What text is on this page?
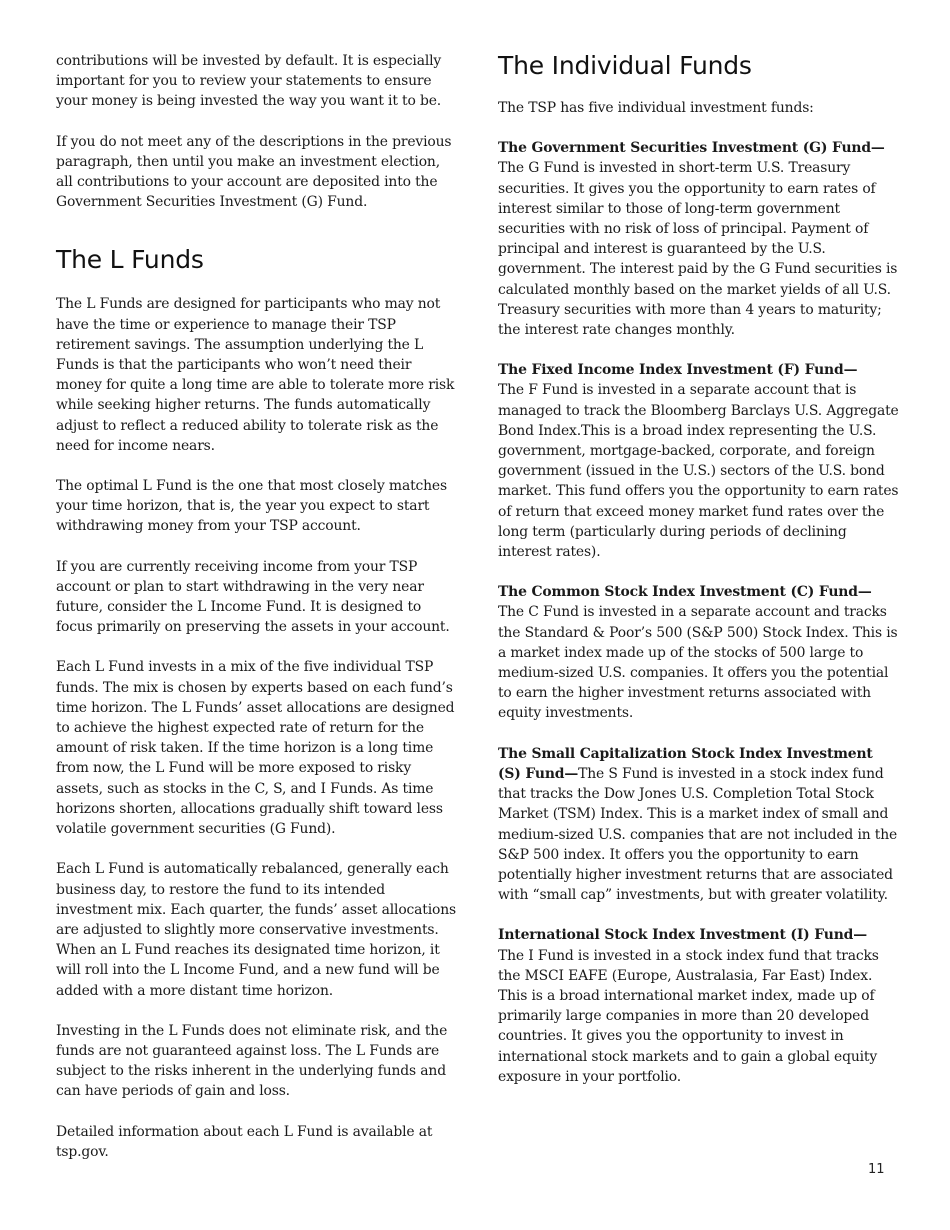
contributions will be invested by default. It is especially important for you to review your statements to ensure your money is being invested the way you want it to be.

If you do not meet any of the descriptions in the previous paragraph, then until you make an investment election, all contributions to your account are deposited into the Government Securities Investment (G) Fund.

The L Funds

The L Funds are designed for participants who may not have the time or experience to manage their TSP retirement savings. The assumption underlying the L Funds is that the participants who won’t need their money for quite a long time are able to tolerate more risk while seeking higher returns. The funds automatically adjust to reflect a reduced ability to tolerate risk as the need for income nears.

The optimal L Fund is the one that most closely matches your time horizon, that is, the year you expect to start withdrawing money from your TSP account.

If you are currently receiving income from your TSP account or plan to start withdrawing in the very near future, consider the L Income Fund. It is designed to focus primarily on preserving the assets in your account.

Each L Fund invests in a mix of the five individual TSP funds. The mix is chosen by experts based on each fund’s time horizon. The L Funds’ asset allocations are designed to achieve the highest expected rate of return for the amount of risk taken. If the time horizon is a long time from now, the L Fund will be more exposed to risky assets, such as stocks in the C, S, and I Funds. As time horizons shorten, allocations gradually shift toward less volatile government securities (G Fund).

Each L Fund is automatically rebalanced, generally each business day, to restore the fund to its intended investment mix. Each quarter, the funds’ asset allocations are adjusted to slightly more conservative investments. When an L Fund reaches its designated time horizon, it will roll into the L Income Fund, and a new fund will be added with a more distant time horizon.

Investing in the L Funds does not eliminate risk, and the funds are not guaranteed against loss. The L Funds are subject to the risks inherent in the underlying funds and can have periods of gain and loss.

Detailed information about each L Fund is available at tsp.gov.

The Individual Funds

The TSP has five individual investment funds:

The Government Securities Investment (G) Fund—
The G Fund is invested in short-term U.S. Treasury securities. It gives you the opportunity to earn rates of interest similar to those of long-term government securities with no risk of loss of principal. Payment of principal and interest is guaranteed by the U.S. government. The interest paid by the G Fund securities is calculated monthly based on the market yields of all U.S. Treasury securities with more than 4 years to maturity; the interest rate changes monthly.

The Fixed Income Index Investment (F) Fund—
The F Fund is invested in a separate account that is managed to track the Bloomberg Barclays U.S. Aggregate Bond Index.This is a broad index representing the U.S. government, mortgage-backed, corporate, and foreign government (issued in the U.S.) sectors of the U.S. bond market. This fund offers you the opportunity to earn rates of return that exceed money market fund rates over the long term (particularly during periods of declining interest rates).

The Common Stock Index Investment (C) Fund—
The C Fund is invested in a separate account and tracks the Standard & Poor’s 500 (S&P 500) Stock Index. This is a market index made up of the stocks of 500 large to medium-sized U.S. companies. It offers you the potential to earn the higher investment returns associated with equity investments.

The Small Capitalization Stock Index Investment (S) Fund—The S Fund is invested in a stock index fund that tracks the Dow Jones U.S. Completion Total Stock Market (TSM) Index. This is a market index of small and medium-sized U.S. companies that are not included in the S&P 500 index. It offers you the opportunity to earn potentially higher investment returns that are associated with “small cap” investments, but with greater volatility.

International Stock Index Investment (I) Fund—
The I Fund is invested in a stock index fund that tracks the MSCI EAFE (Europe, Australasia, Far East) Index. This is a broad international market index, made up of primarily large companies in more than 20 developed countries. It gives you the opportunity to invest in international stock markets and to gain a global equity exposure in your portfolio.

11
